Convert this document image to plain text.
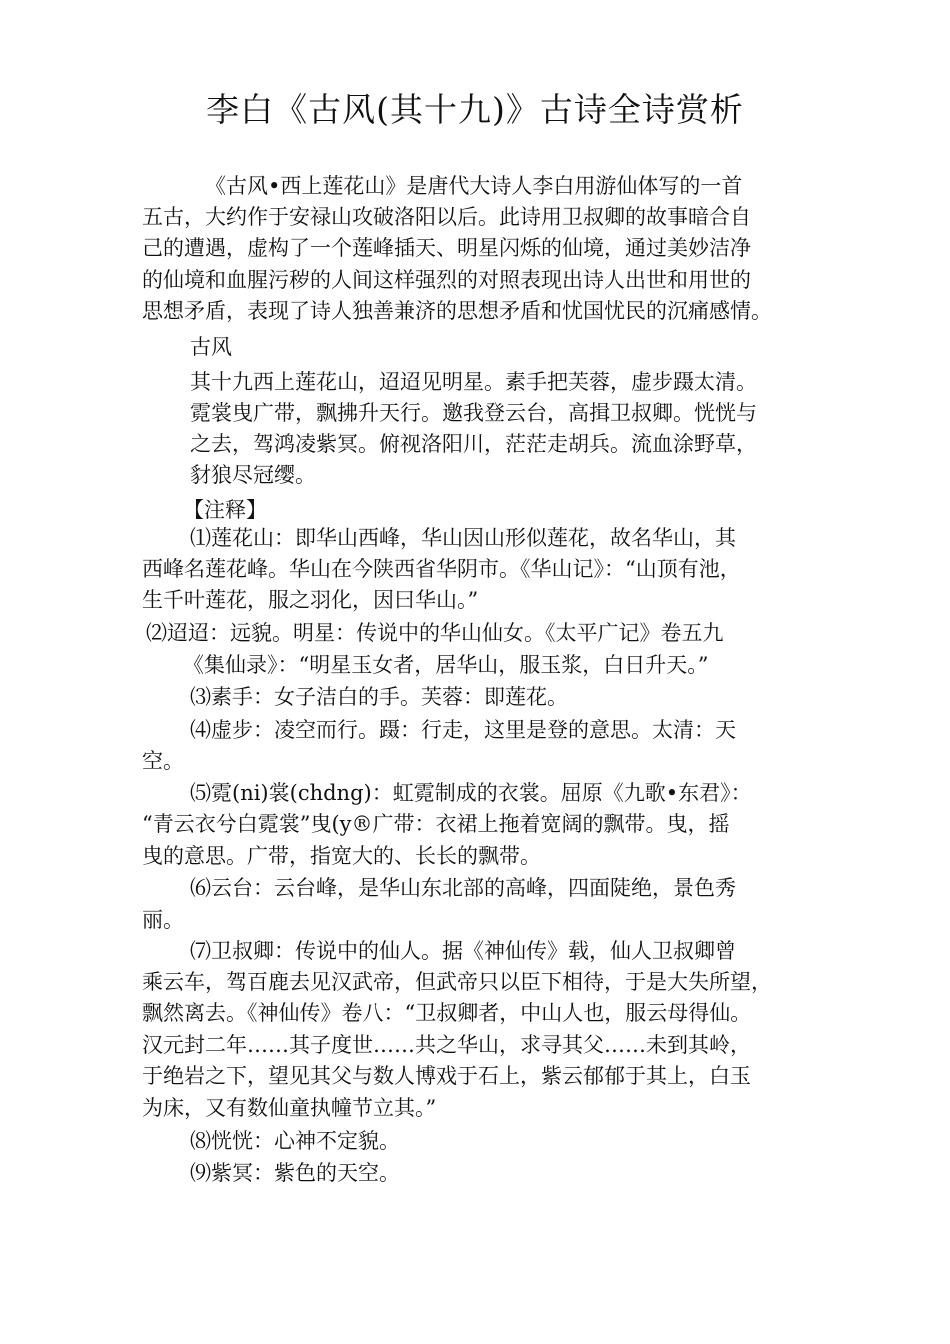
李白《古风(其十九)》古诗全诗赏析

《古风•西上莲花山》是唐代大诗人李白用游仙体写的一首

五古，大约作于安禄山攻破洛阳以后。此诗用卫叔卿的故事暗合自

己的遭遇，虚构了一个莲峰插天、明星闪烁的仙境，通过美妙洁净

的仙境和血腥污秽的人间这样强烈的对照表现出诗人出世和用世的

思想矛盾，表现了诗人独善兼济的思想矛盾和忧国忧民的沉痛感情。

古风

其十九西上莲花山，迢迢见明星。素手把芙蓉，虚步蹑太清。

霓裳曳广带，飘拂升天行。邀我登云台，高揖卫叔卿。恍恍与

之去，驾鸿凌紫冥。俯视洛阳川，茫茫走胡兵。流血涂野草，

豺狼尽冠缨。

【注释】

⑴莲花山：即华山西峰，华山因山形似莲花，故名华山，其

西峰名莲花峰。华山在今陕西省华阴市。《华山记》：“山顶有池，

生千叶莲花，服之羽化，因曰华山。”

⑵迢迢：远貌。明星：传说中的华山仙女。《太平广记》卷五九

《集仙录》：“明星玉女者，居华山，服玉浆，白日升天。”

⑶素手：女子洁白的手。芙蓉：即莲花。

⑷虚步：凌空而行。蹑：行走，这里是登的意思。太清：天

空。

⑸霓(ni)裳(chdng)：虹霓制成的衣裳。屈原《九歌•东君》：

“青云衣兮白霓裳”曳(y®广带：衣裙上拖着宽阔的飘带。曳，摇

曳的意思。广带，指宽大的、长长的飘带。

⑹云台：云台峰，是华山东北部的高峰，四面陡绝，景色秀

丽。

⑺卫叔卿：传说中的仙人。据《神仙传》载，仙人卫叔卿曾

乘云车，驾百鹿去见汉武帝，但武帝只以臣下相待，于是大失所望，

飘然离去。《神仙传》卷八：“卫叔卿者，中山人也，服云母得仙。

汉元封二年……其子度世……共之华山，求寻其父……未到其岭，

于绝岩之下，望见其父与数人博戏于石上，紫云郁郁于其上，白玉

为床，又有数仙童执幢节立其。”

⑻恍恍：心神不定貌。

⑼紫冥：紫色的天空。
